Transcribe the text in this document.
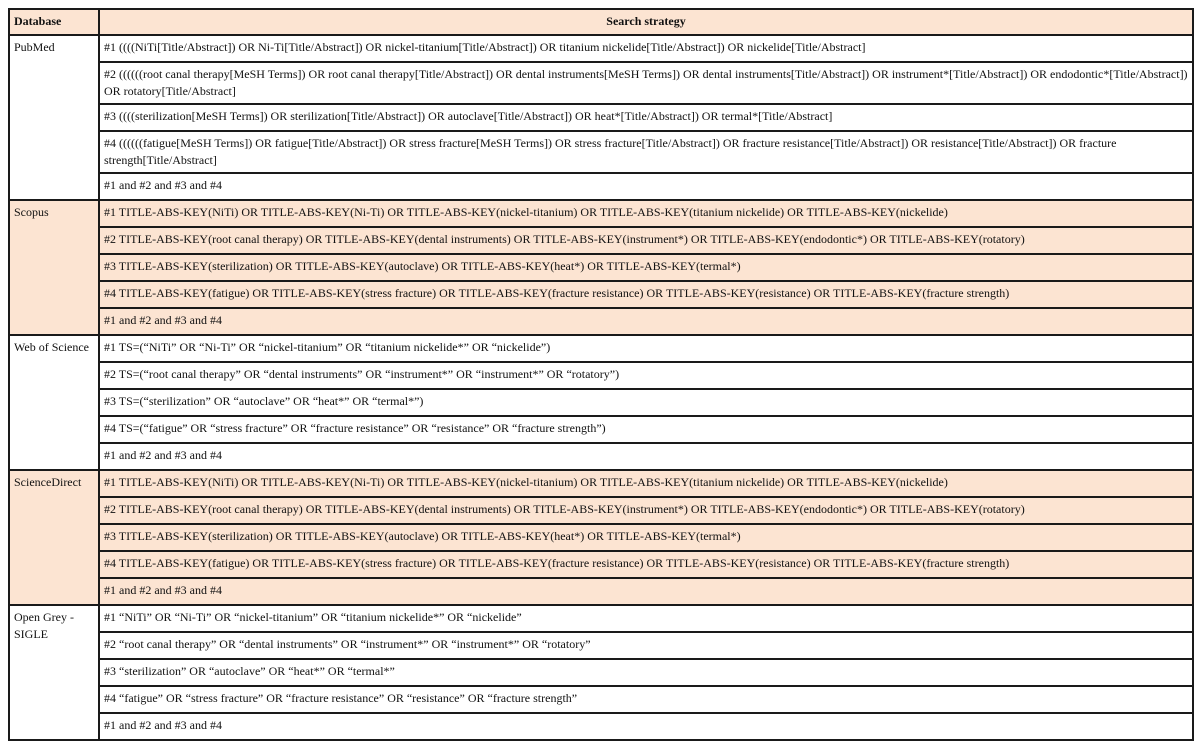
Database	Search strategy
PubMed	#1 ((((NiTi[Title/Abstract]) OR Ni-Ti[Title/Abstract]) OR nickel-titanium[Title/Abstract]) OR titanium nickelide[Title/Abstract]) OR nickelide[Title/Abstract]
	#2 ((((((root canal therapy[MeSH Terms]) OR root canal therapy[Title/Abstract]) OR dental instruments[MeSH Terms]) OR dental instruments[Title/Abstract]) OR instrument*[Title/Abstract]) OR endodontic*[Title/Abstract]) OR rotatory[Title/Abstract]
	#3 ((((sterilization[MeSH Terms]) OR sterilization[Title/Abstract]) OR autoclave[Title/Abstract]) OR heat*[Title/Abstract]) OR termal*[Title/Abstract]
	#4 ((((((fatigue[MeSH Terms]) OR fatigue[Title/Abstract]) OR stress fracture[MeSH Terms]) OR stress fracture[Title/Abstract]) OR fracture resistance[Title/Abstract]) OR resistance[Title/Abstract]) OR fracture strength[Title/Abstract]
	#1 and #2 and #3 and #4
Scopus	#1 TITLE-ABS-KEY(NiTi) OR TITLE-ABS-KEY(Ni-Ti) OR TITLE-ABS-KEY(nickel-titanium) OR TITLE-ABS-KEY(titanium nickelide) OR TITLE-ABS-KEY(nickelide)
	#2 TITLE-ABS-KEY(root canal therapy) OR TITLE-ABS-KEY(dental instruments) OR TITLE-ABS-KEY(instrument*) OR TITLE-ABS-KEY(endodontic*) OR TITLE-ABS-KEY(rotatory)
	#3 TITLE-ABS-KEY(sterilization) OR TITLE-ABS-KEY(autoclave) OR TITLE-ABS-KEY(heat*) OR TITLE-ABS-KEY(termal*)
	#4 TITLE-ABS-KEY(fatigue) OR TITLE-ABS-KEY(stress fracture) OR TITLE-ABS-KEY(fracture resistance) OR TITLE-ABS-KEY(resistance) OR TITLE-ABS-KEY(fracture strength)
	#1 and #2 and #3 and #4
Web of Science	#1 TS=(“NiTi” OR “Ni-Ti” OR “nickel-titanium” OR “titanium nickelide*” OR “nickelide”)
	#2 TS=(“root canal therapy” OR “dental instruments” OR “instrument*” OR “instrument*” OR “rotatory”)
	#3 TS=(“sterilization” OR “autoclave” OR “heat*” OR “termal*”)
	#4 TS=(“fatigue” OR “stress fracture” OR “fracture resistance” OR “resistance” OR “fracture strength”)
	#1 and #2 and #3 and #4
ScienceDirect	#1 TITLE-ABS-KEY(NiTi) OR TITLE-ABS-KEY(Ni-Ti) OR TITLE-ABS-KEY(nickel-titanium) OR TITLE-ABS-KEY(titanium nickelide) OR TITLE-ABS-KEY(nickelide)
	#2 TITLE-ABS-KEY(root canal therapy) OR TITLE-ABS-KEY(dental instruments) OR TITLE-ABS-KEY(instrument*) OR TITLE-ABS-KEY(endodontic*) OR TITLE-ABS-KEY(rotatory)
	#3 TITLE-ABS-KEY(sterilization) OR TITLE-ABS-KEY(autoclave) OR TITLE-ABS-KEY(heat*) OR TITLE-ABS-KEY(termal*)
	#4 TITLE-ABS-KEY(fatigue) OR TITLE-ABS-KEY(stress fracture) OR TITLE-ABS-KEY(fracture resistance) OR TITLE-ABS-KEY(resistance) OR TITLE-ABS-KEY(fracture strength)
	#1 and #2 and #3 and #4
Open Grey - SIGLE	#1 “NiTi” OR “Ni-Ti” OR “nickel-titanium” OR “titanium nickelide*” OR “nickelide”
	#2 “root canal therapy” OR “dental instruments” OR “instrument*” OR “instrument*” OR “rotatory”
	#3 “sterilization” OR “autoclave” OR “heat*” OR “termal*”
	#4 “fatigue” OR “stress fracture” OR “fracture resistance” OR “resistance” OR “fracture strength”
	#1 and #2 and #3 and #4
